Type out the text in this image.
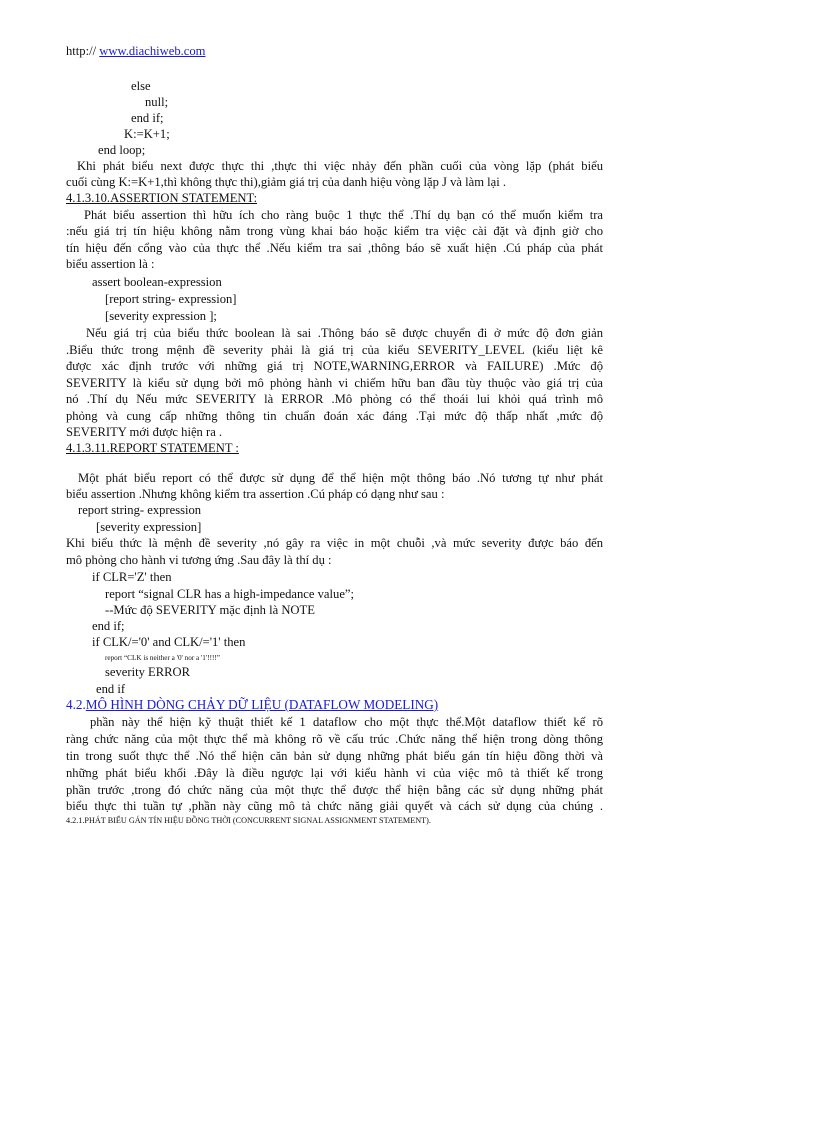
http:// www.diachiweb.com
else
null;
end if;
K:=K+1;
end loop;
Khi phát biểu next được thực thi ,thực thi việc nhảy đến phần cuối của vòng lặp (phát biểu
cuối cùng K:=K+1,thì không thực thi),giảm giá trị của danh hiệu vòng lặp J và làm lại .
4.1.3.10.ASSERTION STATEMENT:
Phát biểu assertion thì hữu ích cho ràng buộc 1 thực thể .Thí dụ bạn có thể muốn kiểm tra
:nếu giá trị tín hiệu không nằm trong vùng khai báo hoặc kiểm tra việc cài đặt và định giờ cho
tín hiệu đến cổng vào của thực thể .Nếu kiểm tra sai ,thông báo sẽ xuất hiện .Cú pháp của phát
biểu assertion là :
assert boolean-expression
[report string- expression]
[severity expression ];
Nếu giá trị của biểu thức boolean là sai .Thông báo sẽ được chuyển đi ở mức độ đơn giản
.Biểu thức trong mệnh đề severity phải là giá trị của kiểu SEVERITY_LEVEL (kiểu liệt kê
được xác định trước với những giá trị NOTE,WARNING,ERROR và FAILURE) .Mức độ
SEVERITY là kiểu sử dụng bởi mô phỏng hành vi chiếm hữu ban đầu tùy thuộc vào giá trị của
nó .Thí dụ Nếu mức SEVERITY là ERROR .Mô phỏng có thể thoái lui khỏi quá trình mô
phỏng và cung cấp những thông tin chuẩn đoán xác đáng .Tại mức độ thấp nhất ,mức độ
SEVERITY mới được hiện ra .
4.1.3.11.REPORT STATEMENT :
Một phát biểu report có thể được sử dụng để thể hiện một thông báo .Nó tương tự như phát
biểu assertion .Nhưng không kiểm tra assertion .Cú pháp có dạng như sau :
report string- expression
[severity expression]
Khi biểu thức là mệnh đề severity ,nó gây ra việc in một chuỗi ,và mức severity được báo đến
mô phỏng cho hành vi tương ứng .Sau đây là thí dụ :
if CLR='Z' then
report “signal CLR has a high-impedance value”;
--Mức độ SEVERITY mặc định là NOTE
end if;
if CLK/='0' and CLK/='1' then
report “CLK is neither a '0' nor a '1'!!!!”
severity ERROR
end if
4.2.MÔ HÌNH DÒNG CHẢY DỮ LIỆU (DATAFLOW MODELING)
phần này thể hiện kỹ thuật thiết kế 1 dataflow cho một thực thể.Một dataflow thiết kế rõ
ràng chức năng của một thực thể mà không rõ về cấu trúc .Chức năng thể hiện trong dòng thông
tin trong suốt thực thể .Nó thể hiện căn bản sử dụng những phát biểu gán tín hiệu đồng thời và
những phát biểu khối .Đây là điều ngược lại với kiểu hành vi của việc mô tả thiết kế trong
phần trước ,trong đó chức năng của một thực thể được thể hiện bằng các sử dụng những phát
biểu thực thi tuần tự ,phần này cũng mô tả chức năng giải quyết và cách sử dụng của chúng .
4.2.1.PHÁT BIỂU GÁN TÍN HIỆU ĐỒNG THỜI (CONCURRENT SIGNAL ASSIGNMENT STATEMENT).
